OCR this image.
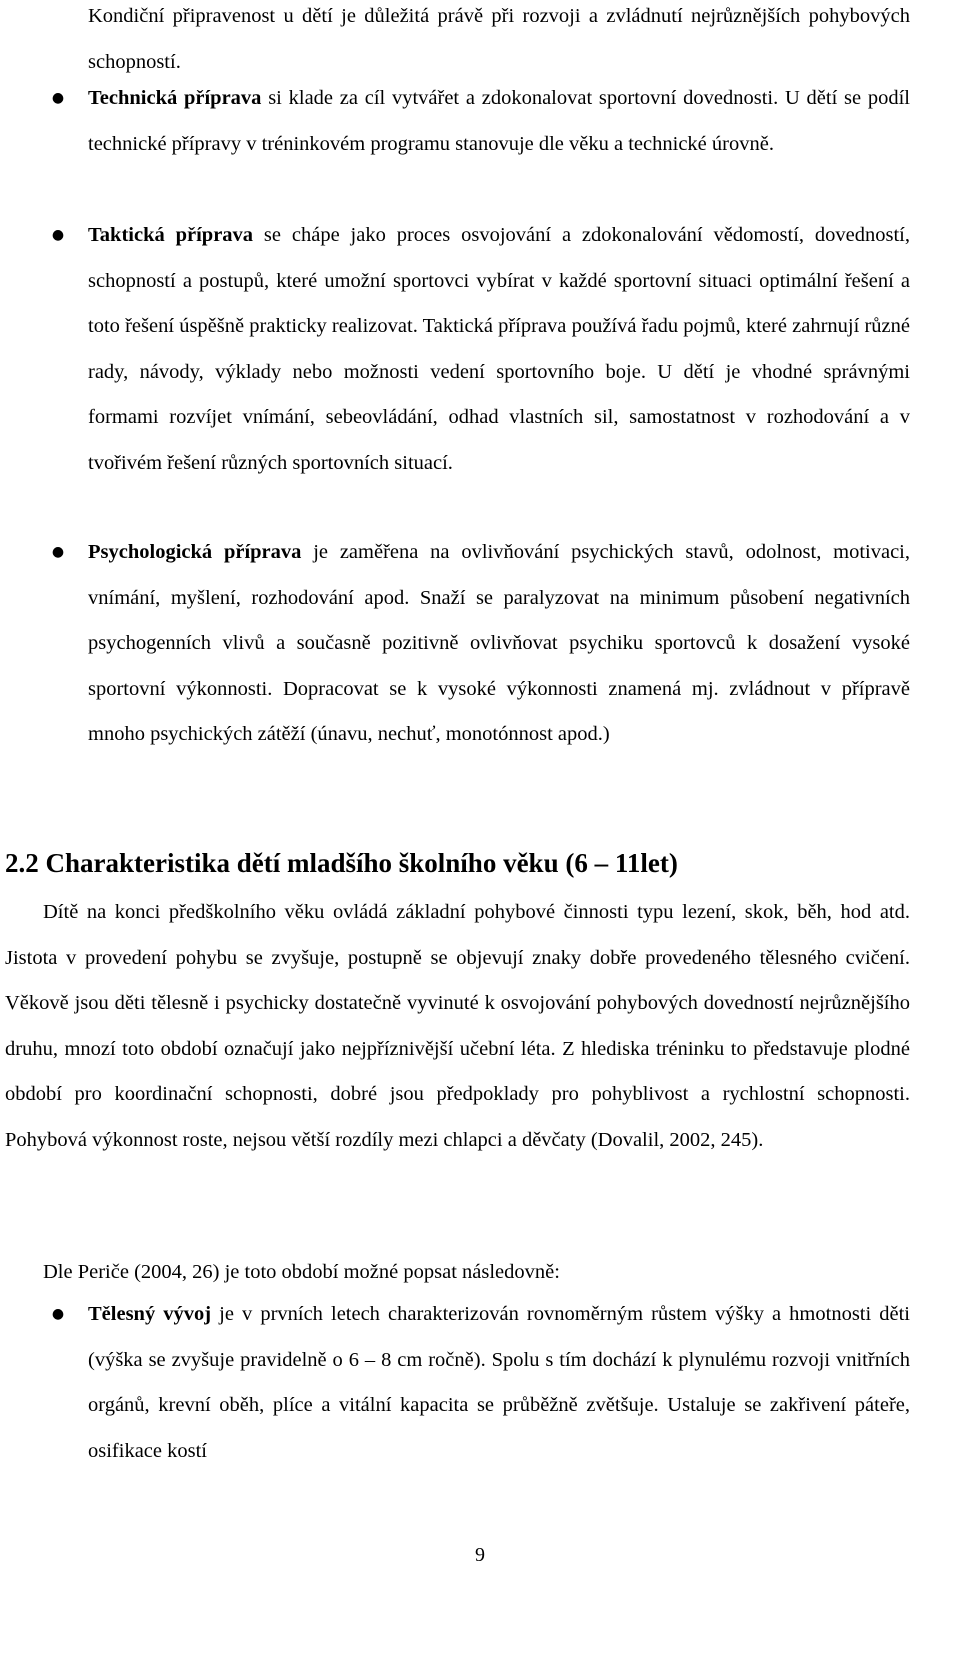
Kondiční připravenost u dětí je důležitá právě při rozvoji a zvládnutí nejrůznějších pohybových schopností.

● Technická příprava si klade za cíl vytvářet a zdokonalovat sportovní dovednosti. U dětí se podíl technické přípravy v tréninkovém programu stanovuje dle věku a technické úrovně.
● Taktická příprava se chápe jako proces osvojování a zdokonalování vědomostí, dovedností, schopností a postupů, které umožní sportovci vybírat v každé sportovní situaci optimální řešení a toto řešení úspěšně prakticky realizovat. Taktická příprava používá řadu pojmů, které zahrnují různé rady, návody, výklady nebo možnosti vedení sportovního boje. U dětí je vhodné správnými formami rozvíjet vnímání, sebeovládání, odhad vlastních sil, samostatnost v rozhodování a v tvořivém řešení různých sportovních situací.
● Psychologická příprava je zaměřena na ovlivňování psychických stavů, odolnost, motivaci, vnímání, myšlení, rozhodování apod. Snaží se paralyzovat na minimum působení negativních psychogenních vlivů a současně pozitivně ovlivňovat psychiku sportovců k dosažení vysoké sportovní výkonnosti. Dopracovat se k vysoké výkonnosti znamená mj. zvládnout v přípravě mnoho psychických zátěží (únavu, nechuť, monotónnost apod.)
2.2 Charakteristika dětí mladšího školního věku (6 – 11let)

Dítě na konci předškolního věku ovládá základní pohybové činnosti typu lezení, skok, běh, hod atd. Jistota v provedení pohybu se zvyšuje, postupně se objevují znaky dobře provedeného tělesného cvičení. Věkově jsou děti tělesně i psychicky dostatečně vyvinuté k osvojování pohybových dovedností nejrůznějšího druhu, mnozí toto období označují jako nejpříznivější učební léta. Z hlediska tréninku to představuje plodné období pro koordinační schopnosti, dobré jsou předpoklady pro pohyblivost a rychlostní schopnosti. Pohybová výkonnost roste, nejsou větší rozdíly mezi chlapci a děvčaty (Dovalil, 2002, 245).

Dle Periče (2004, 26) je toto období možné popsat následovně:

● Tělesný vývoj je v prvních letech charakterizován rovnoměrným růstem výšky a hmotnosti děti (výška se zvyšuje pravidelně o 6 – 8 cm ročně). Spolu s tím dochází k plynulému rozvoji vnitřních orgánů, krevní oběh, plíce a vitální kapacita se průběžně zvětšuje. Ustaluje se zakřivení páteře, osifikace kostí
9
